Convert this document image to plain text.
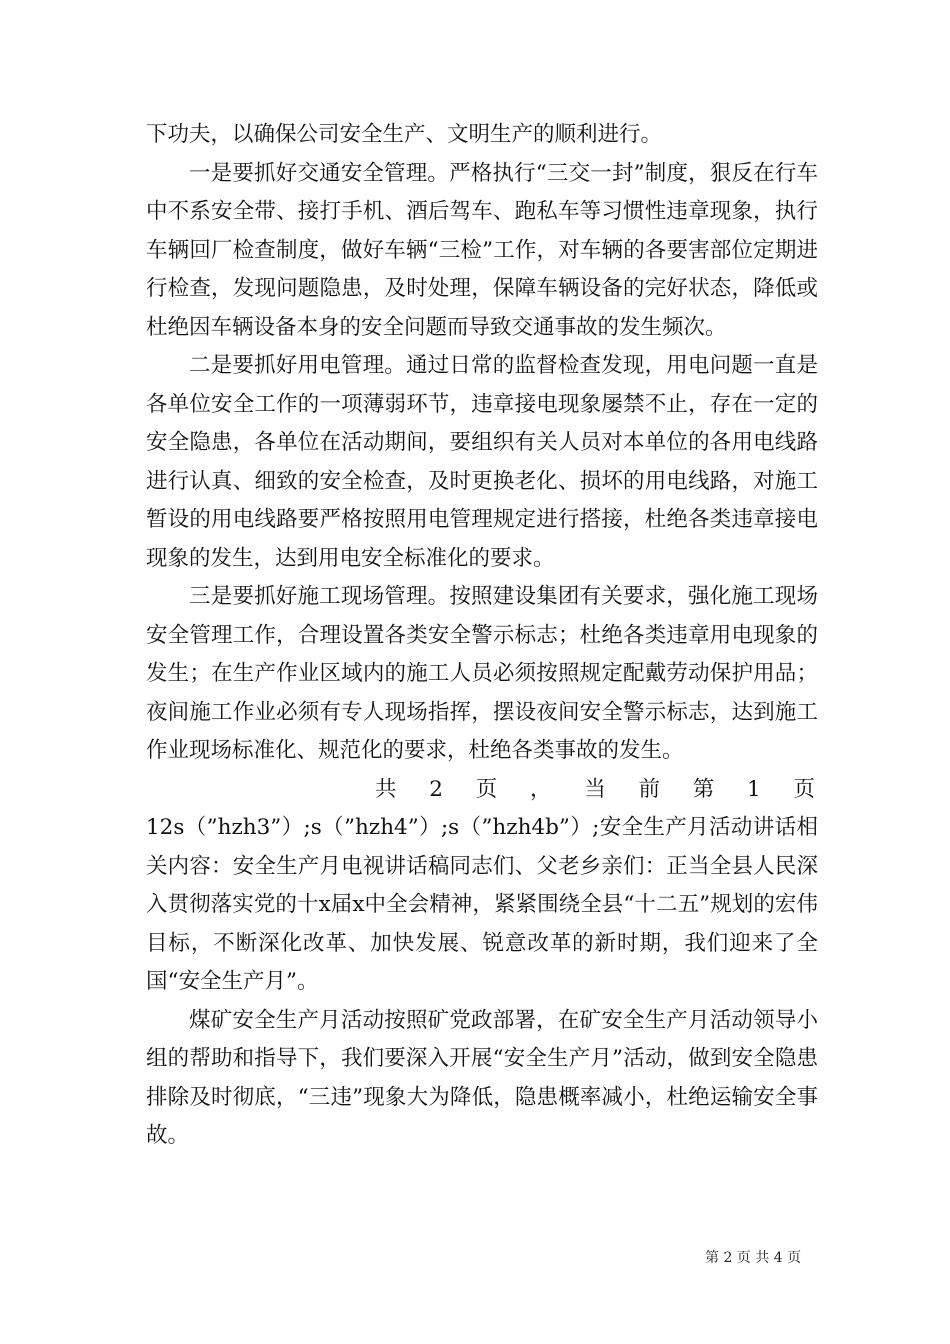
下功夫，以确保公司安全生产、文明生产的顺利进行。

一是要抓好交通安全管理。严格执行“三交一封”制度，狠反在行车中不系安全带、接打手机、酒后驾车、跑私车等习惯性违章现象，执行车辆回厂检查制度，做好车辆“三检”工作，对车辆的各要害部位定期进行检查，发现问题隐患，及时处理，保障车辆设备的完好状态，降低或杜绝因车辆设备本身的安全问题而导致交通事故的发生频次。

二是要抓好用电管理。通过日常的监督检查发现，用电问题一直是各单位安全工作的一项薄弱环节，违章接电现象屡禁不止，存在一定的安全隐患，各单位在活动期间，要组织有关人员对本单位的各用电线路进行认真、细致的安全检查，及时更换老化、损坏的用电线路，对施工暂设的用电线路要严格按照用电管理规定进行搭接，杜绝各类违章接电现象的发生，达到用电安全标准化的要求。

三是要抓好施工现场管理。按照建设集团有关要求，强化施工现场安全管理工作，合理设置各类安全警示标志；杜绝各类违章用电现象的发生；在生产作业区域内的施工人员必须按照规定配戴劳动保护用品；夜间施工作业必须有专人现场指挥，摆设夜间安全警示标志，达到施工作业现场标准化、规范化的要求，杜绝各类事故的发生。

共 2 页 ， 当 前 第 1 页

12s（”hzh3”）;s（”hzh4”）;s（”hzh4b”）;安全生产月活动讲话相关内容：安全生产月电视讲话稿同志们、父老乡亲们：正当全县人民深入贯彻落实党的十x届x中全会精神，紧紧围绕全县“十二五”规划的宏伟目标，不断深化改革、加快发展、锐意改革的新时期，我们迎来了全国“安全生产月”。

煤矿安全生产月活动按照矿党政部署，在矿安全生产月活动领导小组的帮助和指导下，我们要深入开展“安全生产月”活动，做到安全隐患排除及时彻底，“三违”现象大为降低，隐患概率减小，杜绝运输安全事故。

第 2 页 共 4 页
